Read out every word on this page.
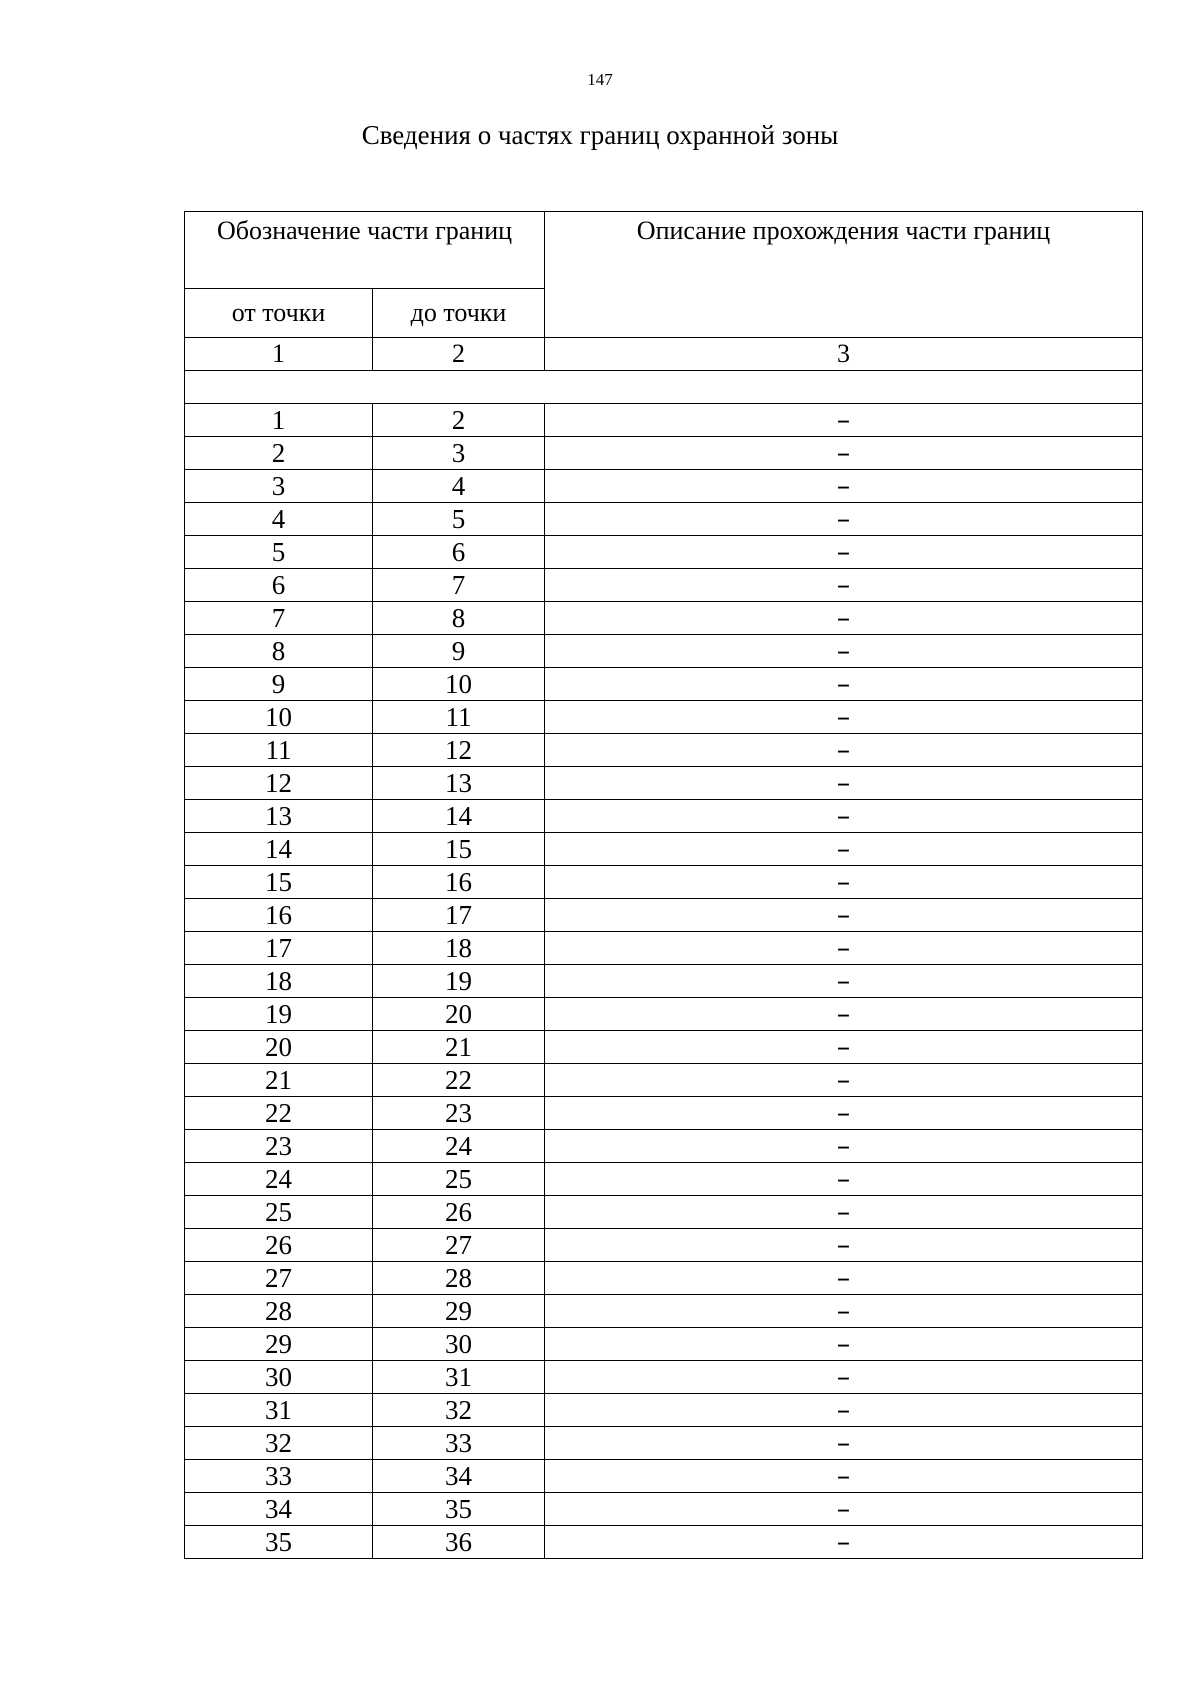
147
Сведения о частях границ охранной зоны
Обозначение части границ		Описание прохождения части границ
от точки	до точки	
1	2	3

1	2	–
2	3	–
3	4	–
4	5	–
5	6	–
6	7	–
7	8	–
8	9	–
9	10	–
10	11	–
11	12	–
12	13	–
13	14	–
14	15	–
15	16	–
16	17	–
17	18	–
18	19	–
19	20	–
20	21	–
21	22	–
22	23	–
23	24	–
24	25	–
25	26	–
26	27	–
27	28	–
28	29	–
29	30	–
30	31	–
31	32	–
32	33	–
33	34	–
34	35	–
35	36	–
